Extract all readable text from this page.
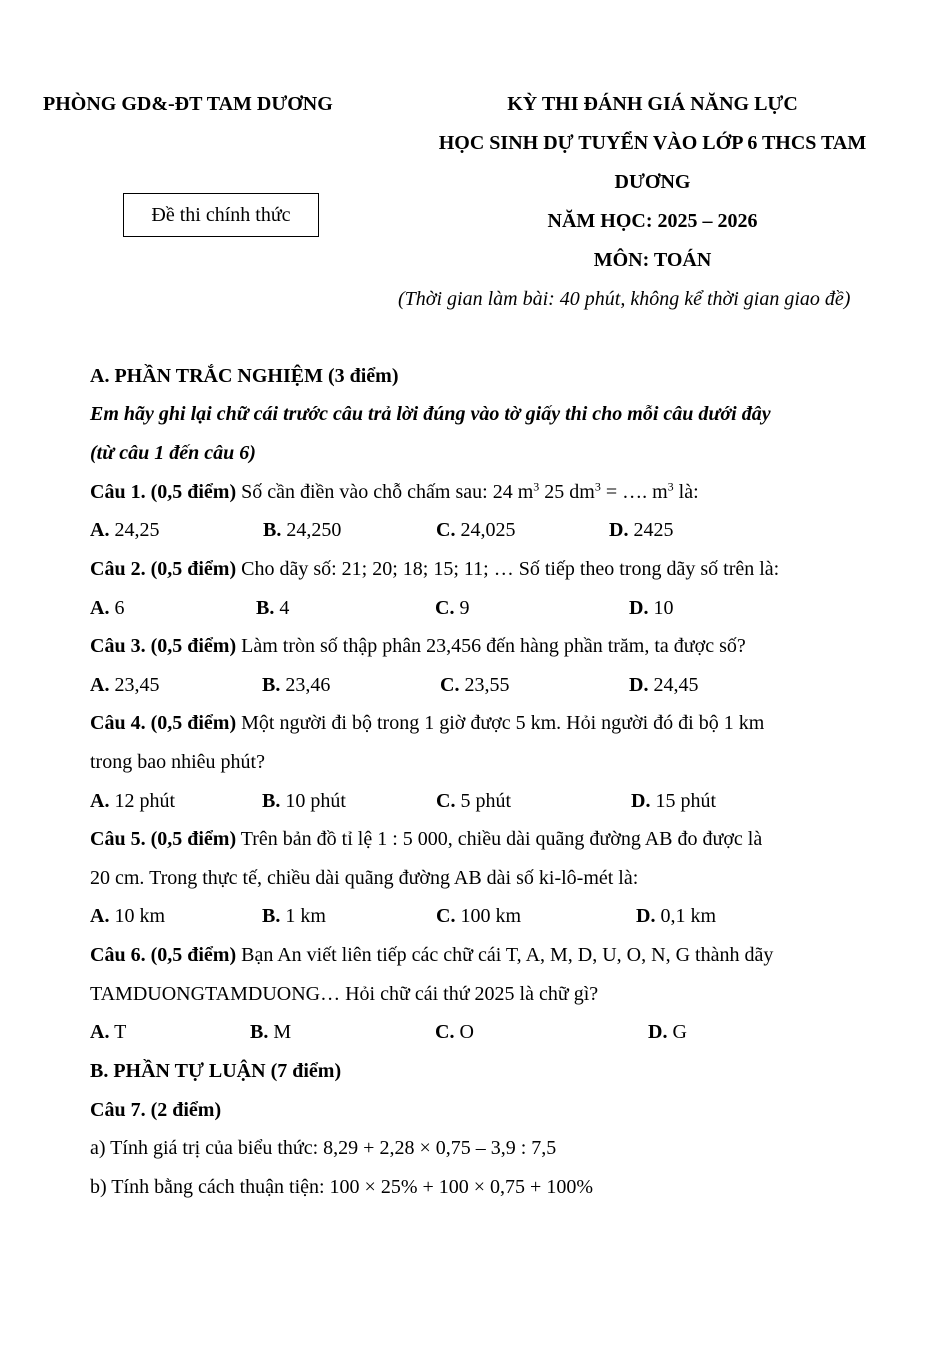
PHÒNG GD&-ĐT TAM DƯƠNG	KỲ THI ĐÁNH GIÁ NĂNG LỰC
HỌC SINH DỰ TUYỂN VÀO LỚP 6 THCS TAM
DƯƠNG
NĂM HỌC: 2025 – 2026
MÔN: TOÁN
(Thời gian làm bài: 40 phút, không kể thời gian giao đề)
Đề thi chính thức
A. PHẦN TRẮC NGHIỆM (3 điểm)
Em hãy ghi lại chữ cái trước câu trả lời đúng vào tờ giấy thi cho mỗi câu dưới đây
(từ câu 1 đến câu 6)
Câu 1. (0,5 điểm) Số cần điền vào chỗ chấm sau: 24 $m^3$ 25 $dm^3$ = …. $m^3$ là:
A. 24,25	B. 24,250	C. 24,025	D. 2425
Câu 2. (0,5 điểm) Cho dãy số: 21; 20; 18; 15; 11; … Số tiếp theo trong dãy số trên là:
A. 6	B. 4	C. 9	D. 10
Câu 3. (0,5 điểm) Làm tròn số thập phân 23,456 đến hàng phần trăm, ta được số?
A. 23,45	B. 23,46	C. 23,55	D. 24,45
Câu 4. (0,5 điểm) Một người đi bộ trong 1 giờ được 5 km. Hỏi người đó đi bộ 1 km
trong bao nhiêu phút?
A. 12 phút	B. 10 phút	C. 5 phút	D. 15 phút
Câu 5. (0,5 điểm) Trên bản đồ tỉ lệ 1 : 5 000, chiều dài quãng đường AB đo được là
20 cm. Trong thực tế, chiều dài quãng đường AB dài số ki-lô-mét là:
A. 10 km	B. 1 km	C. 100 km	D. 0,1 km
Câu 6. (0,5 điểm) Bạn An viết liên tiếp các chữ cái T, A, M, D, U, O, N, G thành dãy
TAMDUONGTAMDUONG… Hỏi chữ cái thứ 2025 là chữ gì?
A. T	B. M	C. O	D. G
B. PHẦN TỰ LUẬN (7 điểm)
Câu 7. (2 điểm)
a) Tính giá trị của biểu thức: 8,29 + 2,28 × 0,75 – 3,9 : 7,5
b) Tính bằng cách thuận tiện: 100 × 25% + 100 × 0,75 + 100%
